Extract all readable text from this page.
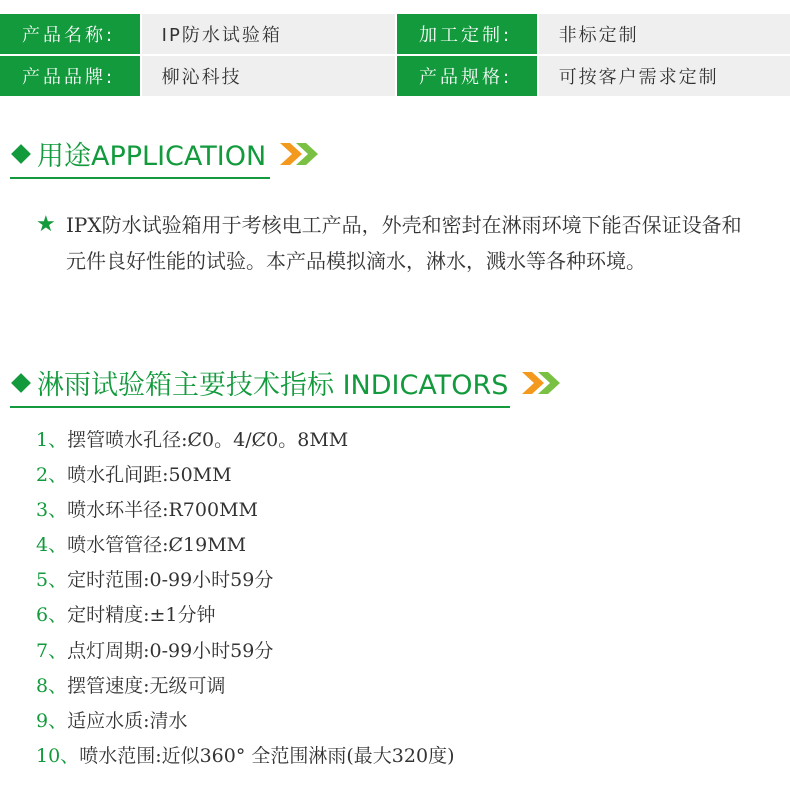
产品名称:	IP防水试验箱	加工定制:	非标定制
产品品牌:	柳沁科技	产品规格:	可按客户需求定制
用途APPLICATION
★ IPX防水试验箱用于考核电工产品，外壳和密封在淋雨环境下能否保证设备和元件良好性能的试验。本产品模拟滴水，淋水，溅水等各种环境。
淋雨试验箱主要技术指标 INDICATORS
1、摆管喷水孔径:Ȼ0。4/Ȼ0。8MM
2、喷水孔间距:50MM
3、喷水环半径:R700MM
4、喷水管管径:Ȼ19MM
5、定时范围:0-99小时59分
6、定时精度:±1分钟
7、点灯周期:0-99小时59分
8、摆管速度:无级可调
9、适应水质:清水
10、喷水范围:近似360° 全范围淋雨(最大320度)
